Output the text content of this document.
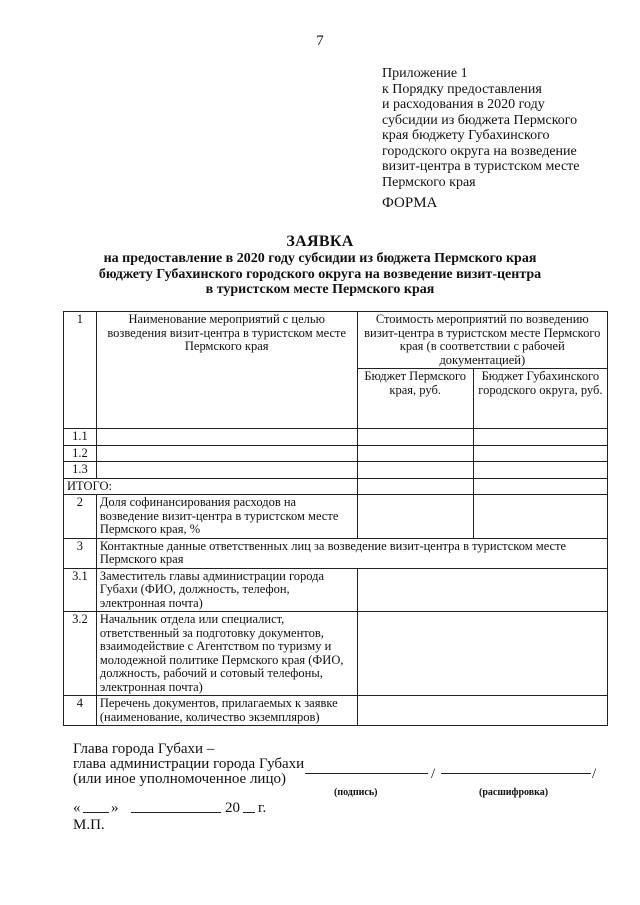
7
Приложение 1
к Порядку предоставления
и расходования в 2020 году
субсидии из бюджета Пермского
края бюджету Губахинского
городского округа на возведение
визит-центра в туристском месте
Пермского края
ФОРМА
ЗАЯВКА
на предоставление в 2020 году субсидии из бюджета Пермского края
бюджету Губахинского городского округа на возведение визит-центра
в туристском месте Пермского края
1	Наименование мероприятий с целью возведения визит-центра в туристском месте Пермского края	Стоимость мероприятий по возведению визит-центра в туристском месте Пермского края (в соответствии с рабочей документацией)	
		Бюджет Пермского края, руб.	Бюджет Губахинского городского округа, руб.
1.1			
1.2			
1.3			
ИТОГО:			
2	Доля софинансирования расходов на возведение визит-центра в туристском месте Пермского края, %		
3	Контактные данные ответственных лиц за возведение визит-центра в туристском месте Пермского края		
3.1	Заместитель главы администрации города Губахи (ФИО, должность, телефон, электронная почта)		
3.2	Начальник отдела или специалист, ответственный за подготовку документов, взаимодействие с Агентством по туризму и молодежной политике Пермского края (ФИО, должность, рабочий и сотовый телефоны, электронная почта)		
4	Перечень документов, прилагаемых к заявке (наименование, количество экземпляров)		
Глава города Губахи –
глава администрации города Губахи
(или иное уполномоченное лицо)	/	/
(подпись)	(расшифровка)
« »	20 г.
М.П.
